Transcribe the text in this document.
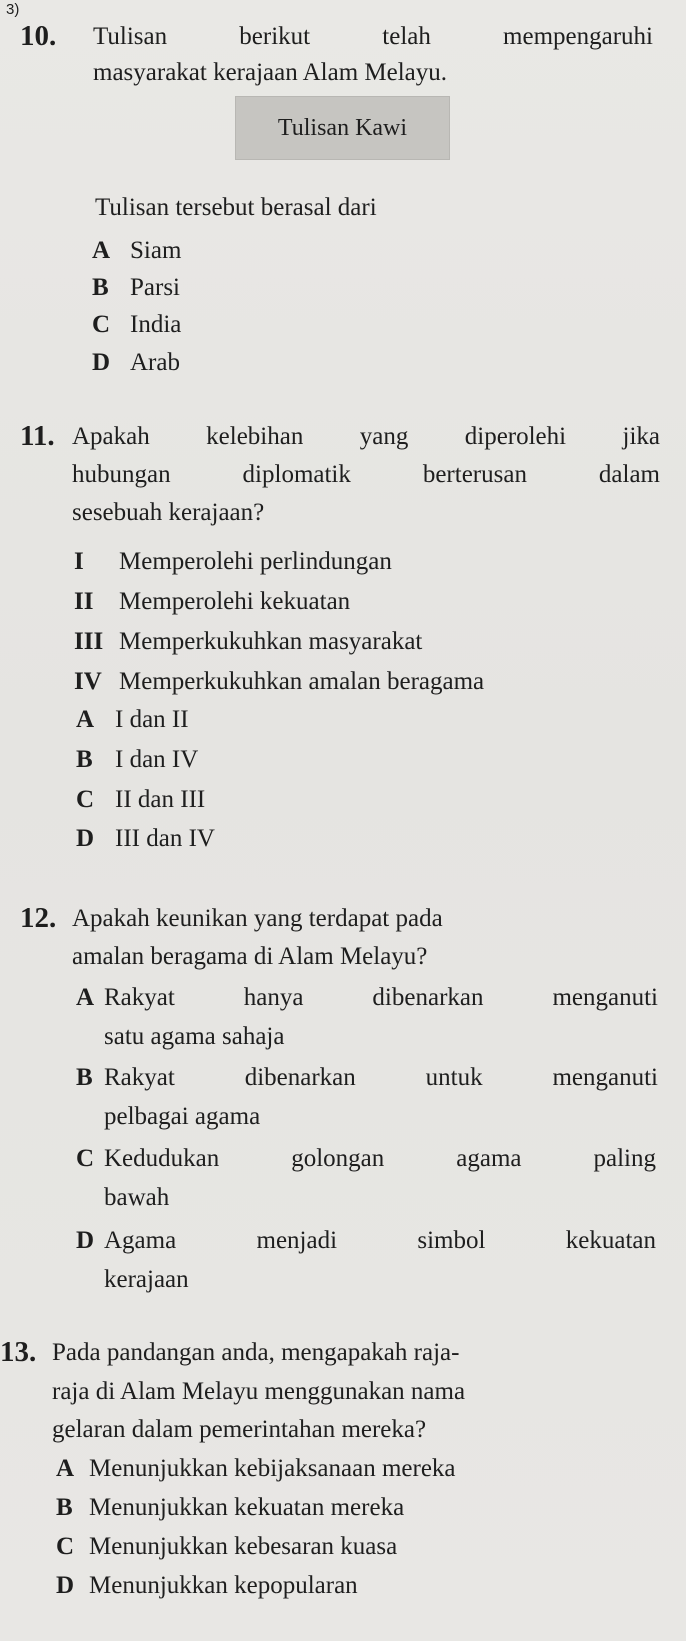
3)
10. Tulisan berikut telah mempengaruhi
masyarakat kerajaan Alam Melayu.
Tulisan Kawi
Tulisan tersebut berasal dari
A Siam
B Parsi
C India
D Arab
11. Apakah kelebihan yang diperolehi jika
hubungan diplomatik berterusan dalam
sesebuah kerajaan?
I Memperolehi perlindungan
II Memperolehi kekuatan
III Memperkukuhkan masyarakat
IV Memperkukuhkan amalan beragama
A I dan II
B I dan IV
C II dan III
D III dan IV
12. Apakah keunikan yang terdapat pada
amalan beragama di Alam Melayu?
A Rakyat hanya dibenarkan menganuti
satu agama sahaja
B Rakyat dibenarkan untuk menganuti
pelbagai agama
C Kedudukan golongan agama paling
bawah
D Agama menjadi simbol kekuatan
kerajaan
13. Pada pandangan anda, mengapakah raja-
raja di Alam Melayu menggunakan nama
gelaran dalam pemerintahan mereka?
A Menunjukkan kebijaksanaan mereka
B Menunjukkan kekuatan mereka
C Menunjukkan kebesaran kuasa
D Menunjukkan kepopularan
